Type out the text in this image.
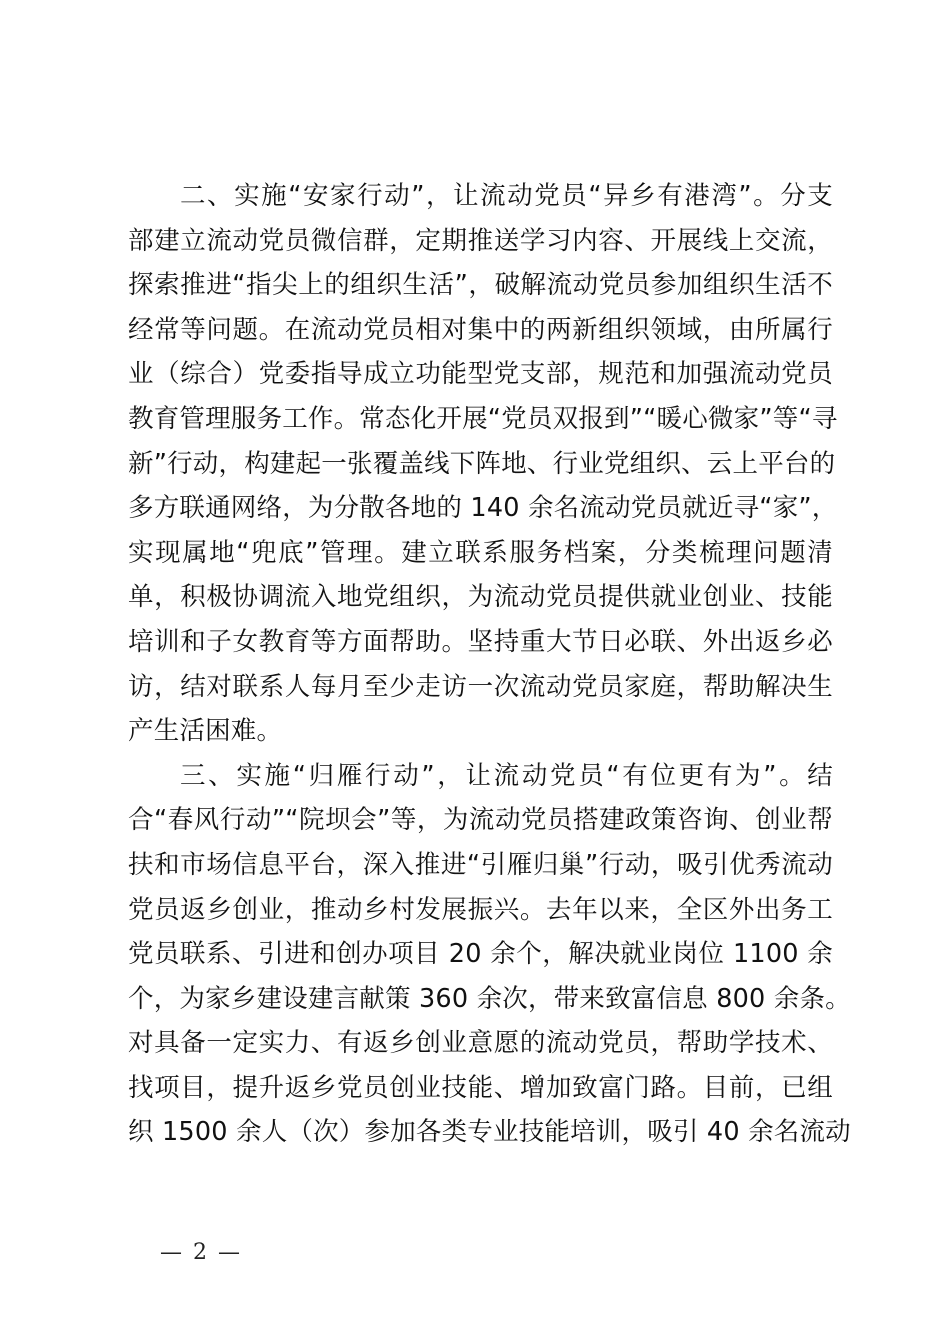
二、实施“安家行动”，让流动党员“异乡有港湾”。分支
部建立流动党员微信群，定期推送学习内容、开展线上交流，
探索推进“指尖上的组织生活”，破解流动党员参加组织生活不
经常等问题。在流动党员相对集中的两新组织领域，由所属行
业（综合）党委指导成立功能型党支部，规范和加强流动党员
教育管理服务工作。常态化开展“党员双报到”“暖心微家”等“寻
新”行动，构建起一张覆盖线下阵地、行业党组织、云上平台的
多方联通网络，为分散各地的 140 余名流动党员就近寻“家”，
实现属地“兜底”管理。建立联系服务档案，分类梳理问题清
单，积极协调流入地党组织，为流动党员提供就业创业、技能
培训和子女教育等方面帮助。坚持重大节日必联、外出返乡必
访，结对联系人每月至少走访一次流动党员家庭，帮助解决生
产生活困难。
三、实施“归雁行动”，让流动党员“有位更有为”。结
合“春风行动”“院坝会”等，为流动党员搭建政策咨询、创业帮
扶和市场信息平台，深入推进“引雁归巢”行动，吸引优秀流动
党员返乡创业，推动乡村发展振兴。去年以来，全区外出务工
党员联系、引进和创办项目 20 余个，解决就业岗位 1100 余
个，为家乡建设建言献策 360 余次，带来致富信息 800 余条。
对具备一定实力、有返乡创业意愿的流动党员，帮助学技术、
找项目，提升返乡党员创业技能、增加致富门路。目前，已组
织 1500 余人（次）参加各类专业技能培训，吸引 40 余名流动
— 2 —
